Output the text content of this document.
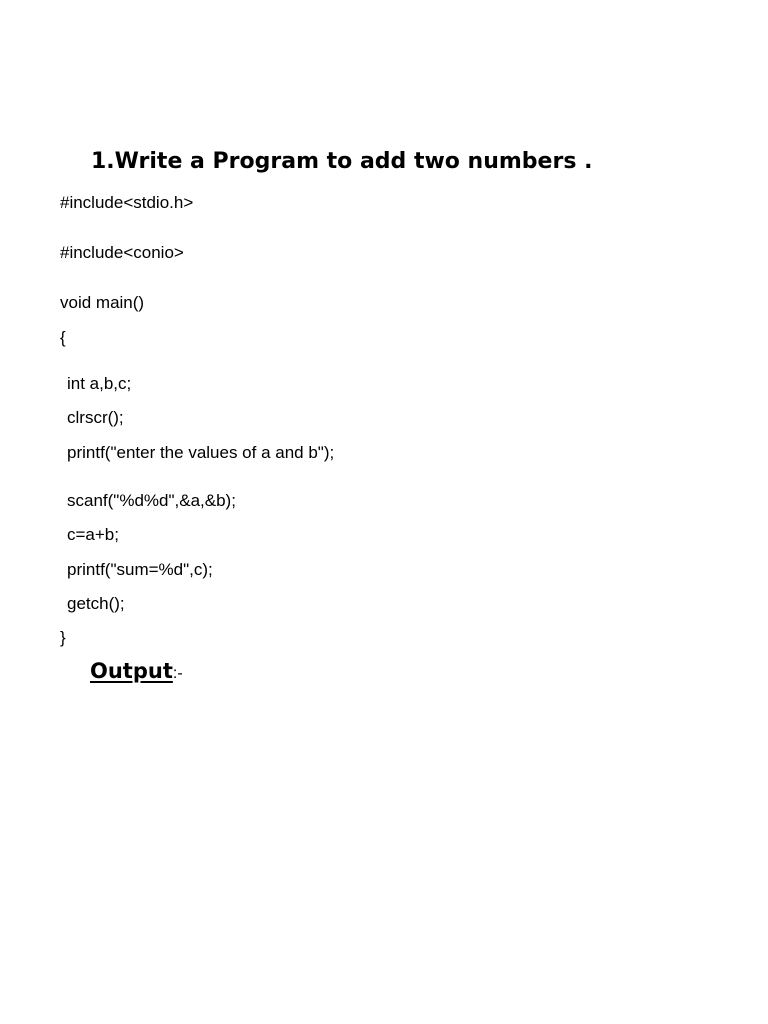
1.Write a Program to add two numbers .

#include<stdio.h>

#include<conio>

void main()

{

int a,b,c;

clrscr();

printf("enter the values of a and b");

scanf("%d%d",&a,&b);

c=a+b;

printf("sum=%d",c);

getch();

}

Output:-
